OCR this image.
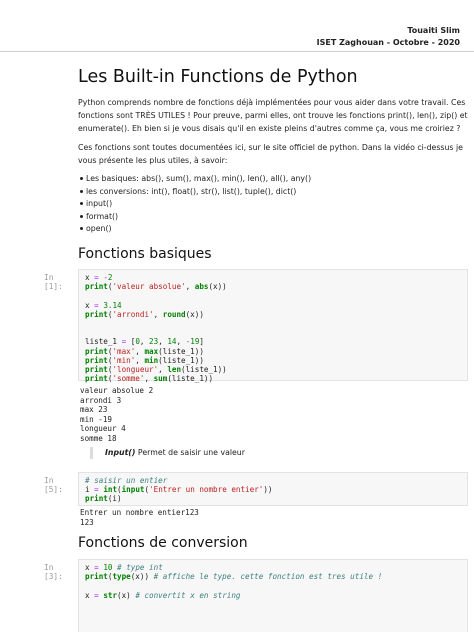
Touaiti Slim
ISET Zaghouan - Octobre - 2020
Les Built-in Functions de Python
Python comprends nombre de fonctions déjà implémentées pour vous aider dans votre travail. Ces fonctions sont TRÈS UTILES ! Pour preuve, parmi elles, ont trouve les fonctions print(), len(), zip() et enumerate(). Eh bien si je vous disais qu'il en existe pleins d'autres comme ça, vous me croiriez ?
Ces fonctions sont toutes documentées ici, sur le site officiel de python. Dans la vidéo ci-dessus je vous présente les plus utiles, à savoir:
Les basiques: abs(), sum(), max(), min(), len(), all(), any()
les conversions: int(), float(), str(), list(), tuple(), dict()
input()
format()
open()
Fonctions basiques
In [1]:
x = -2
print('valeur absolue', abs(x))

x = 3.14
print('arrondi', round(x))

liste_1 = [0, 23, 14, -19]
print('max', max(liste_1))
print('min', min(liste_1))
print('longueur', len(liste_1))
print('somme', sum(liste_1))
valeur absolue 2
arrondi 3
max 23
min -19
longueur 4
somme 18
Input() Permet de saisir une valeur
In [5]:
# saisir un entier
i = int(input('Entrer un nombre entier'))
print(i)
Entrer un nombre entier123
123
Fonctions de conversion
In [3]:
x = 10 # type int
print(type(x)) # affiche le type. cette fonction est tres utile !

x = str(x) # convertit x en string
